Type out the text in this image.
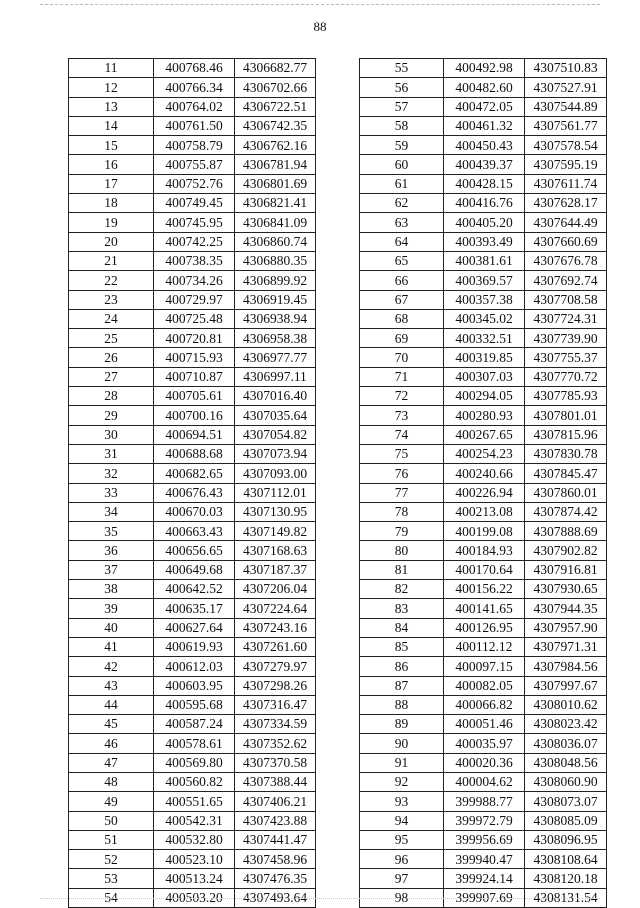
88
11	400768.46	4306682.77
12	400766.34	4306702.66
13	400764.02	4306722.51
14	400761.50	4306742.35
15	400758.79	4306762.16
16	400755.87	4306781.94
17	400752.76	4306801.69
18	400749.45	4306821.41
19	400745.95	4306841.09
20	400742.25	4306860.74
21	400738.35	4306880.35
22	400734.26	4306899.92
23	400729.97	4306919.45
24	400725.48	4306938.94
25	400720.81	4306958.38
26	400715.93	4306977.77
27	400710.87	4306997.11
28	400705.61	4307016.40
29	400700.16	4307035.64
30	400694.51	4307054.82
31	400688.68	4307073.94
32	400682.65	4307093.00
33	400676.43	4307112.01
34	400670.03	4307130.95
35	400663.43	4307149.82
36	400656.65	4307168.63
37	400649.68	4307187.37
38	400642.52	4307206.04
39	400635.17	4307224.64
40	400627.64	4307243.16
41	400619.93	4307261.60
42	400612.03	4307279.97
43	400603.95	4307298.26
44	400595.68	4307316.47
45	400587.24	4307334.59
46	400578.61	4307352.62
47	400569.80	4307370.58
48	400560.82	4307388.44
49	400551.65	4307406.21
50	400542.31	4307423.88
51	400532.80	4307441.47
52	400523.10	4307458.96
53	400513.24	4307476.35
54	400503.20	4307493.64
55	400492.98	4307510.83
56	400482.60	4307527.91
57	400472.05	4307544.89
58	400461.32	4307561.77
59	400450.43	4307578.54
60	400439.37	4307595.19
61	400428.15	4307611.74
62	400416.76	4307628.17
63	400405.20	4307644.49
64	400393.49	4307660.69
65	400381.61	4307676.78
66	400369.57	4307692.74
67	400357.38	4307708.58
68	400345.02	4307724.31
69	400332.51	4307739.90
70	400319.85	4307755.37
71	400307.03	4307770.72
72	400294.05	4307785.93
73	400280.93	4307801.01
74	400267.65	4307815.96
75	400254.23	4307830.78
76	400240.66	4307845.47
77	400226.94	4307860.01
78	400213.08	4307874.42
79	400199.08	4307888.69
80	400184.93	4307902.82
81	400170.64	4307916.81
82	400156.22	4307930.65
83	400141.65	4307944.35
84	400126.95	4307957.90
85	400112.12	4307971.31
86	400097.15	4307984.56
87	400082.05	4307997.67
88	400066.82	4308010.62
89	400051.46	4308023.42
90	400035.97	4308036.07
91	400020.36	4308048.56
92	400004.62	4308060.90
93	399988.77	4308073.07
94	399972.79	4308085.09
95	399956.69	4308096.95
96	399940.47	4308108.64
97	399924.14	4308120.18
98	399907.69	4308131.54
